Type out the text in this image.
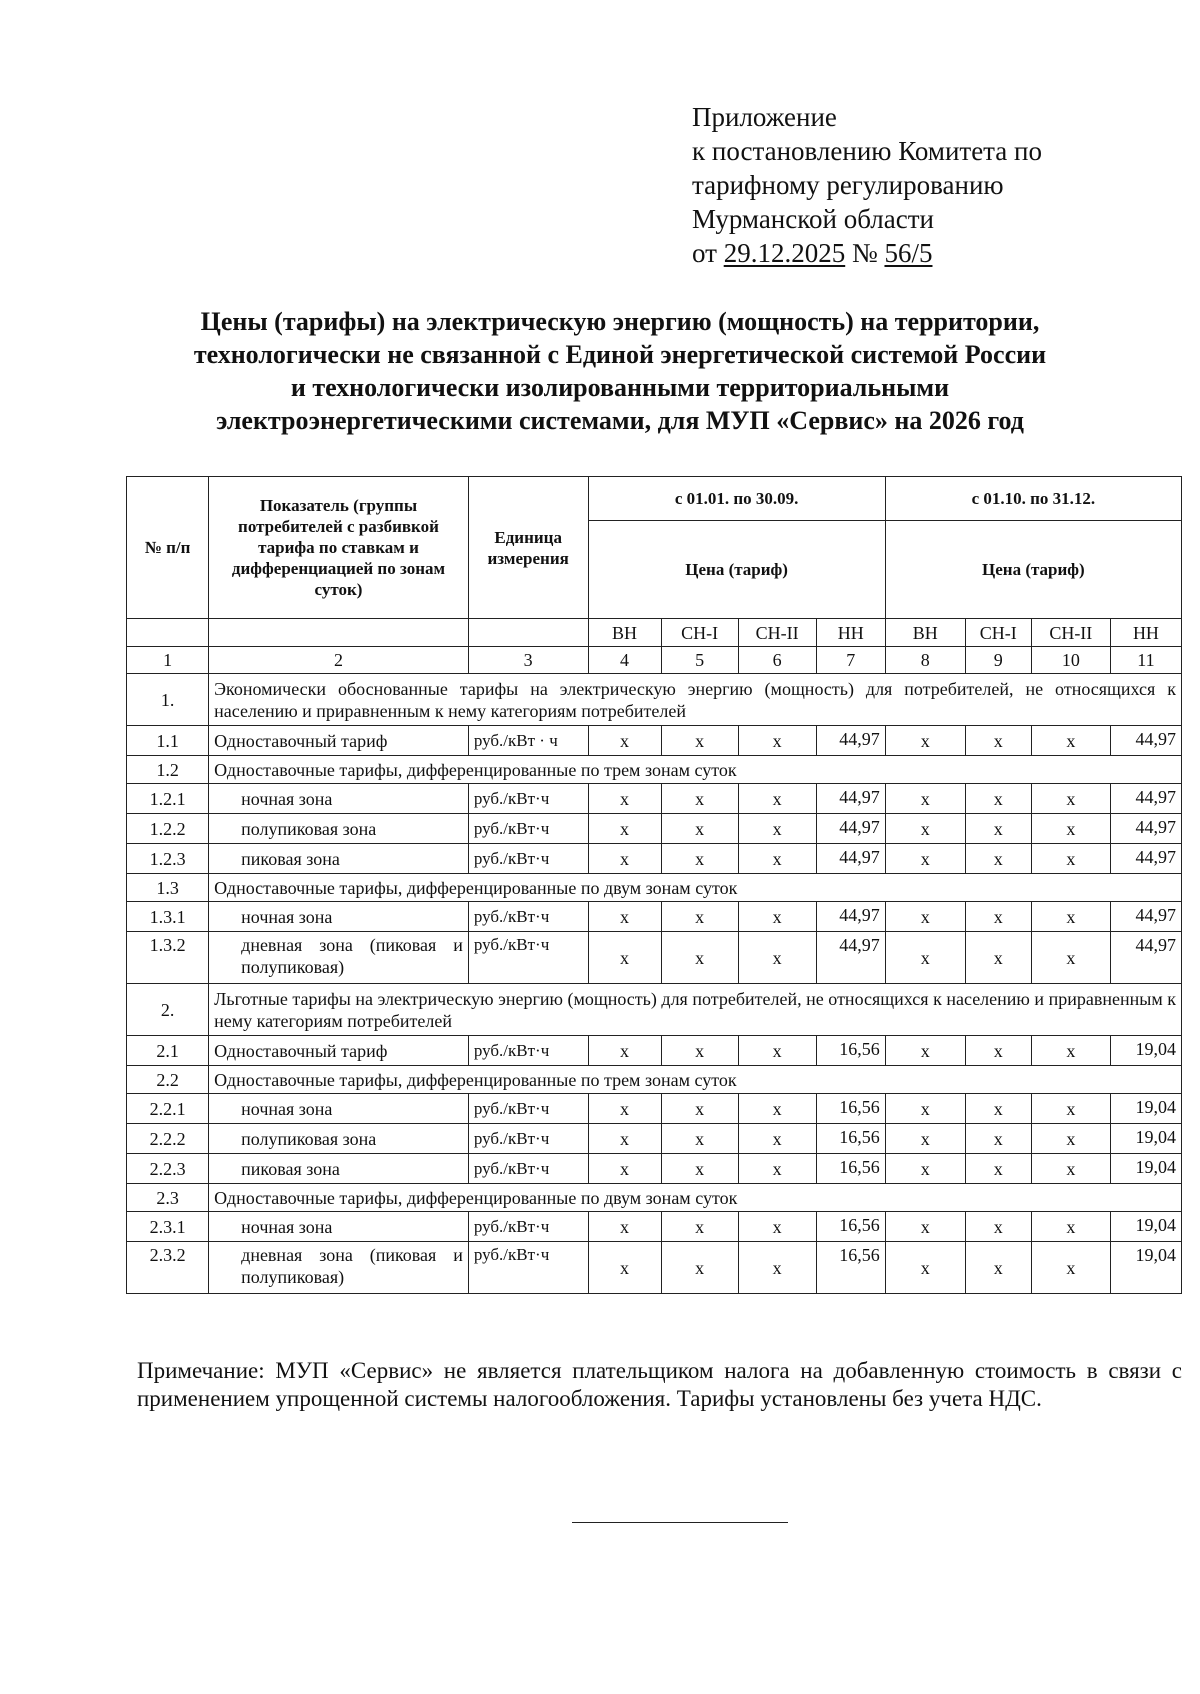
Приложение
к постановлению Комитета по
тарифному регулированию
Мурманской области
от 29.12.2025 № 56/5
Цены (тарифы) на электрическую энергию (мощность) на территории,
технологически не связанной с Единой энергетической системой России
и технологически изолированными территориальными
электроэнергетическими системами, для МУП «Сервис» на 2026 год
№ п/п	Показатель (группы потребителей с разбивкой тарифа по ставкам и дифференциацией по зонам суток)	Единица измерения	с 01.01. по 30.09.				с 01.10. по 31.12.			
			Цена (тариф)				Цена (тариф)			
			ВН	СН-I	СН-II	НН	ВН	СН-I	СН-II	НН
1	2	3	4	5	6	7	8	9	10	11
1.	Экономически обоснованные тарифы на электрическую энергию (мощность) для потребителей, не относящихся к населению и приравненным к нему категориям потребителей									
1.1	Одноставочный тариф	руб./кВт · ч	х	х	х	44,97	х	х	х	44,97
1.2	Одноставочные тарифы, дифференцированные по трем зонам суток									
1.2.1	ночная зона	руб./кВт·ч	х	х	х	44,97	х	х	х	44,97
1.2.2	полупиковая зона	руб./кВт·ч	х	х	х	44,97	х	х	х	44,97
1.2.3	пиковая зона	руб./кВт·ч	х	х	х	44,97	х	х	х	44,97
1.3	Одноставочные тарифы, дифференцированные по двум зонам суток									
1.3.1	ночная зона	руб./кВт·ч	х	х	х	44,97	х	х	х	44,97
1.3.2	дневная зона (пиковая и полупиковая)	руб./кВт·ч	х	х	х	44,97	х	х	х	44,97
2.	Льготные тарифы на электрическую энергию (мощность) для потребителей, не относящихся к населению и приравненным к нему категориям потребителей									
2.1	Одноставочный тариф	руб./кВт·ч	х	х	х	16,56	х	х	х	19,04
2.2	Одноставочные тарифы, дифференцированные по трем зонам суток									
2.2.1	ночная зона	руб./кВт·ч	х	х	х	16,56	х	х	х	19,04
2.2.2	полупиковая зона	руб./кВт·ч	х	х	х	16,56	х	х	х	19,04
2.2.3	пиковая зона	руб./кВт·ч	х	х	х	16,56	х	х	х	19,04
2.3	Одноставочные тарифы, дифференцированные по двум зонам суток									
2.3.1	ночная зона	руб./кВт·ч	х	х	х	16,56	х	х	х	19,04
2.3.2	дневная зона (пиковая и полупиковая)	руб./кВт·ч	х	х	х	16,56	х	х	х	19,04
Примечание: МУП «Сервис» не является плательщиком налога на добавленную стоимость в связи с применением упрощенной системы налогообложения. Тарифы установлены без учета НДС.
